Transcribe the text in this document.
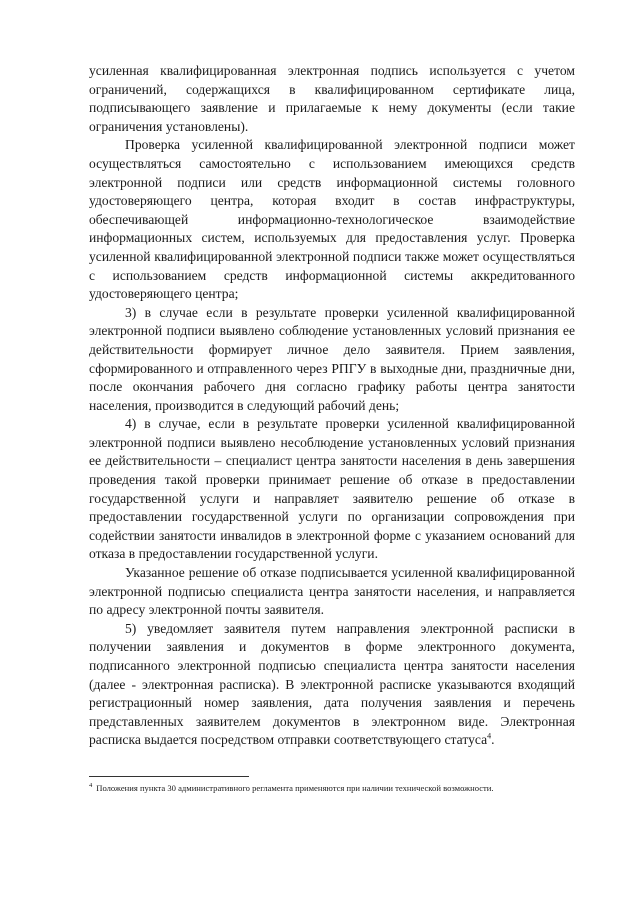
усиленная квалифицированная электронная подпись используется с учетом ограничений, содержащихся в квалифицированном сертификате лица, подписывающего заявление и прилагаемые к нему документы (если такие ограничения установлены).

Проверка усиленной квалифицированной электронной подписи может осуществляться самостоятельно с использованием имеющихся средств электронной подписи или средств информационной системы головного удостоверяющего центра, которая входит в состав инфраструктуры, обеспечивающей информационно-технологическое взаимодействие информационных систем, используемых для предоставления услуг. Проверка усиленной квалифицированной электронной подписи также может осуществляться с использованием средств информационной системы аккредитованного удостоверяющего центра;

3) в случае если в результате проверки усиленной квалифицированной электронной подписи выявлено соблюдение установленных условий признания ее действительности формирует личное дело заявителя. Прием заявления, сформированного и отправленного через РПГУ в выходные дни, праздничные дни, после окончания рабочего дня согласно графику работы центра занятости населения, производится в следующий рабочий день;

4) в случае, если в результате проверки усиленной квалифицированной электронной подписи выявлено несоблюдение установленных условий признания ее действительности – специалист центра занятости населения в день завершения проведения такой проверки принимает решение об отказе в предоставлении государственной услуги и направляет заявителю решение об отказе в предоставлении государственной услуги по организации сопровождения при содействии занятости инвалидов в электронной форме с указанием оснований для отказа в предоставлении государственной услуги.

Указанное решение об отказе подписывается усиленной квалифицированной электронной подписью специалиста центра занятости населения, и направляется по адресу электронной почты заявителя.

5) уведомляет заявителя путем направления электронной расписки в получении заявления и документов в форме электронного документа, подписанного электронной подписью специалиста центра занятости населения (далее - электронная расписка). В электронной расписке указываются входящий регистрационный номер заявления, дата получения заявления и перечень представленных заявителем документов в электронном виде. Электронная расписка выдается посредством отправки соответствующего статуса$^4$.

$^4$ Положения пункта 30 административного регламента применяются при наличии технической возможности.
